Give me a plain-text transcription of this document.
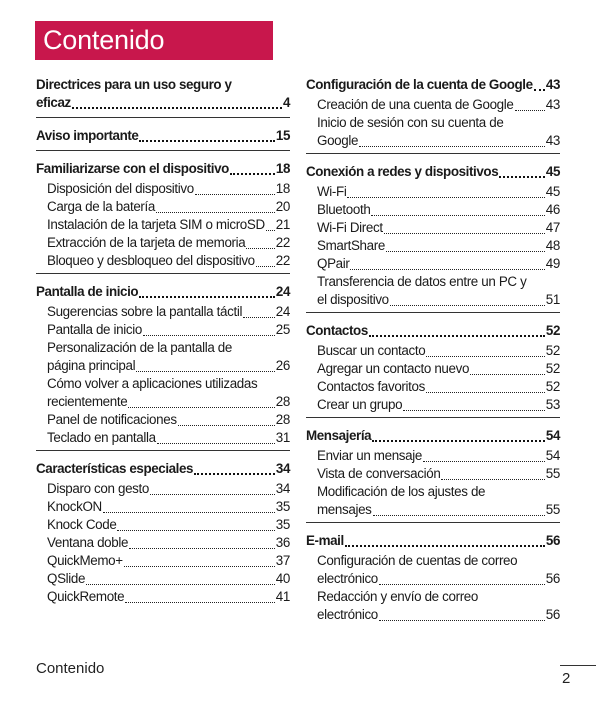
Contenido
Directrices para un uso seguro y
eficaz	4
Aviso importante	15
Familiarizarse con el dispositivo	18
Disposición del dispositivo	18
Carga de la batería	20
Instalación de la tarjeta SIM o microSD 21
Extracción de la tarjeta de memoria 22
Bloqueo y desbloqueo del dispositivo 22
Pantalla de inicio	24
Sugerencias sobre la pantalla táctil	24
Pantalla de inicio	25
Personalización de la pantalla de
página principal	26
Cómo volver a aplicaciones utilizadas
recientemente	28
Panel de notificaciones	28
Teclado en pantalla	31
Características especiales	34
Disparo con gesto	34
KnockON	35
Knock Code	35
Ventana doble	36
QuickMemo+	37
QSlide	40
QuickRemote	41
Configuración de la cuenta de Google 43
Creación de una cuenta de Google 43
Inicio de sesión con su cuenta de
Google	43
Conexión a redes y dispositivos	45
Wi-Fi	45
Bluetooth	46
Wi-Fi Direct	47
SmartShare	48
QPair	49
Transferencia de datos entre un PC y
el dispositivo	51
Contactos	52
Buscar un contacto	52
Agregar un contacto nuevo	52
Contactos favoritos	52
Crear un grupo	53
Mensajería	54
Enviar un mensaje	54
Vista de conversación	55
Modificación de los ajustes de
mensajes	55
E-mail	56
Configuración de cuentas de correo
electrónico	56
Redacción y envío de correo
electrónico	56
Contenido
2
